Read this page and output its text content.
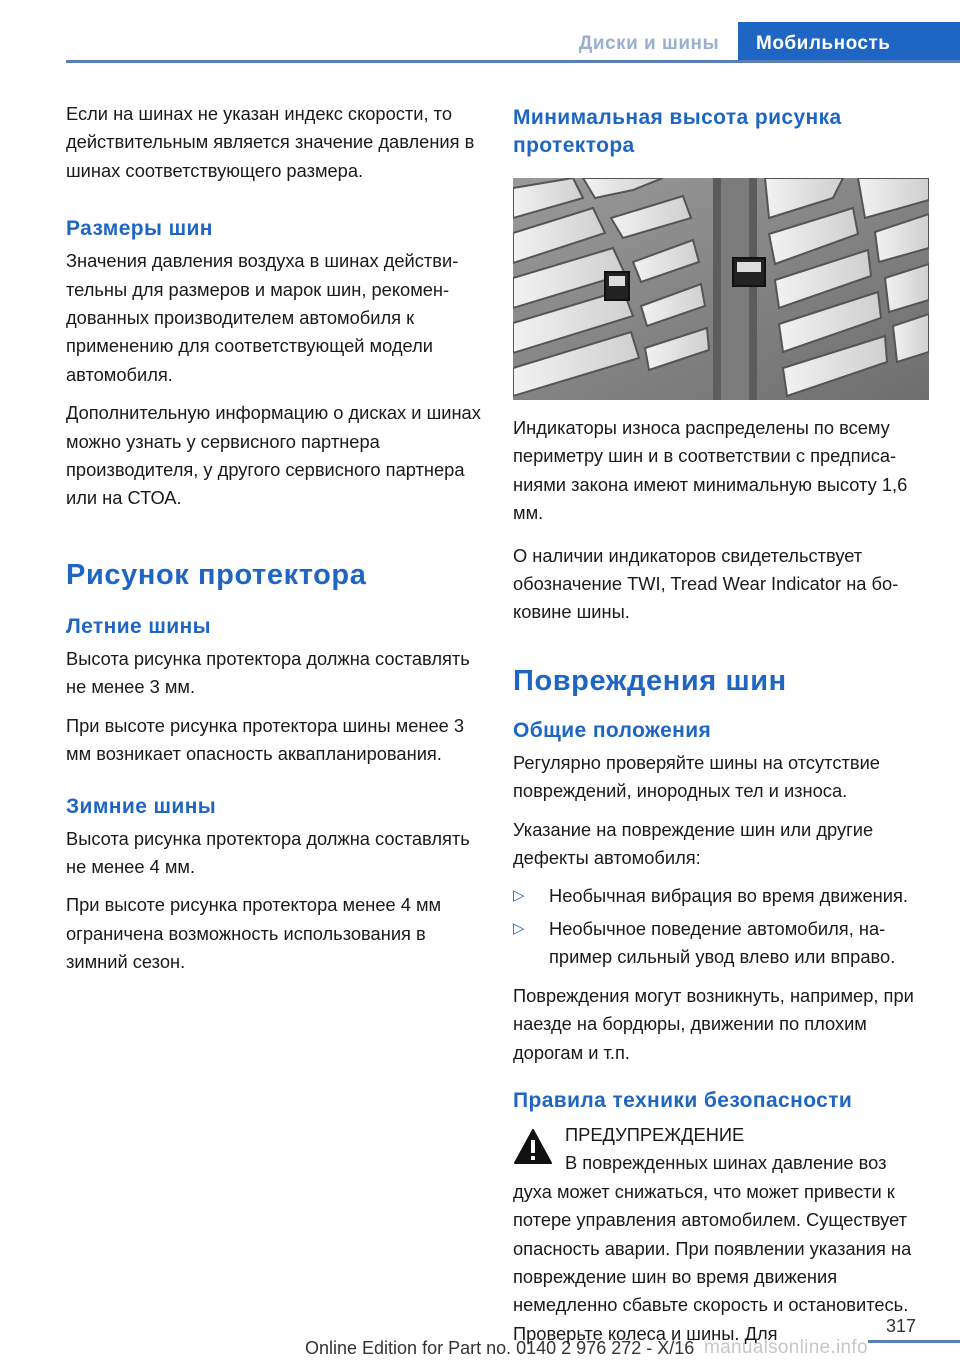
Диски и шины	Мобильность

Если на шинах не указан индекс скорости, то действительным является значение давления в шинах соответствующего размера.

Размеры шин

Значения давления воздуха в шинах действительны для размеров и марок шин, рекомендованных производителем автомобиля к применению для соответствующей модели автомобиля.

Дополнительную информацию о дисках и шинах можно узнать у сервисного партнера производителя, у другого сервисного партнера или на СТОА.

Рисунок протектора
Летние шины

Высота рисунка протектора должна составлять не менее 3 мм.

При высоте рисунка протектора шины менее 3 мм возникает опасность аквапланирования.

Зимние шины

Высота рисунка протектора должна составлять не менее 4 мм.

При высоте рисунка протектора менее 4 мм ограничена возможность использования в зимний сезон.

Минимальная высота рисунка протектора

Индикаторы износа распределены по всему периметру шин и в соответствии с предписаниями закона имеют минимальную высоту 1,6 мм.

О наличии индикаторов свидетельствует обозначение TWI, Tread Wear Indicator на боковине шины.

Повреждения шин
Общие положения

Регулярно проверяйте шины на отсутствие повреждений, инородных тел и износа.

Указание на повреждение шин или другие дефекты автомобиля:

▷ Необычная вибрация во время движения.
▷ Необычное поведение автомобиля, например сильный увод влево или вправо.

Повреждения могут возникнуть, например, при наезде на бордюры, движении по плохим дорогам и т.п.

Правила техники безопасности
ПРЕДУПРЕЖДЕНИЕ
В поврежденных шинах давление воз
духа может снижаться, что может привести к потере управления автомобилем. Существует опасность аварии. При появлении указания на повреждение шин во время движения немедленно сбавьте скорость и остановитесь. Проверьте колеса и шины. Для	317
Online Edition for Part no. 0140 2 976 272 - X/16 manualsonline.info
